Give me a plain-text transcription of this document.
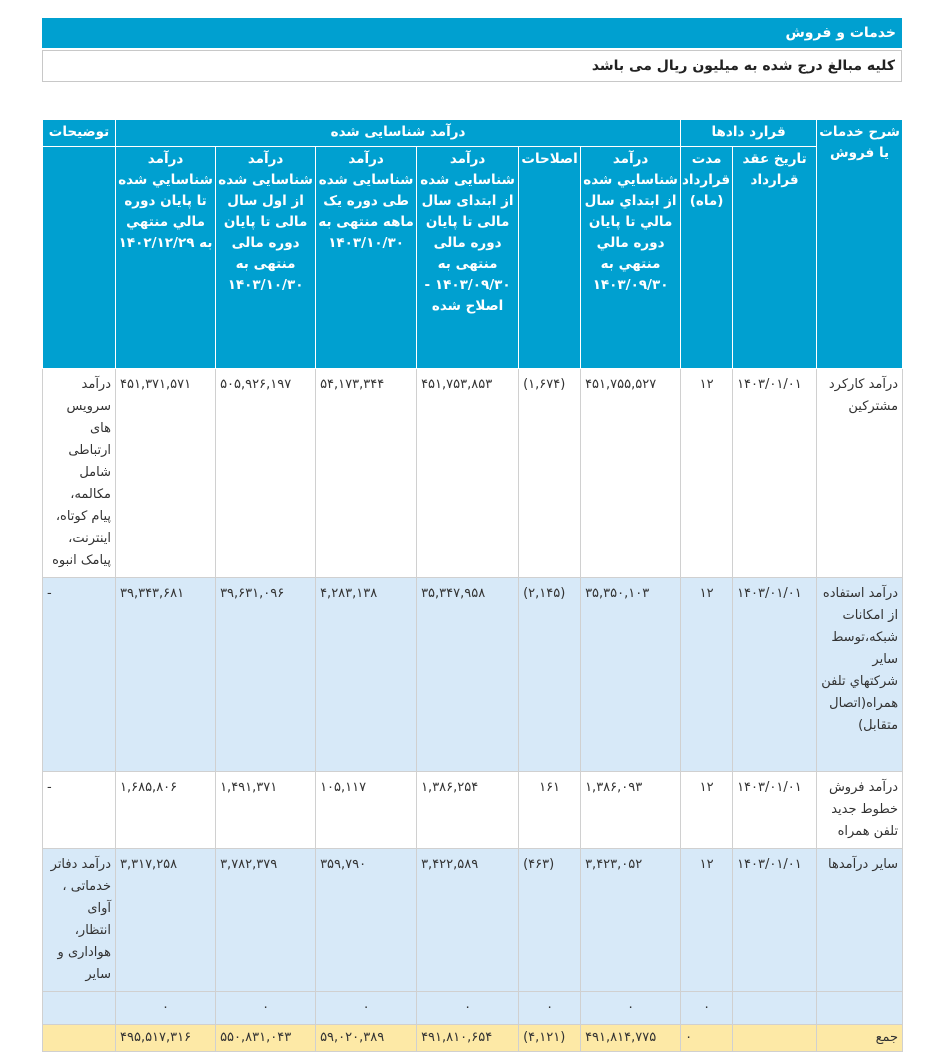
خدمات و فروش
کلیه مبالغ درج شده به میلیون ریال می باشد
شرح خدمات یا فروش	قرارد دادها		درآمد شناسایی شده						توضیحات
	تاریخ عقد قرارداد	مدت قرارداد (ماه)	درآمد شناسايي شده از ابتداي سال مالي تا پايان دوره مالي منتهي به ۱۴۰۳/۰۹/۳۰	اصلاحات	درآمد شناسایی شده از ابتدای سال مالی تا پایان دوره مالی منتهی به ۱۴۰۳/۰۹/۳۰ - اصلاح شده	درآمد شناسایی شده طی دوره یک ماهه منتهی به ۱۴۰۳/۱۰/۳۰	درآمد شناسایی شده از اول سال مالی تا پایان دوره مالی منتهی به ۱۴۰۳/۱۰/۳۰	درآمد شناسايي شده تا پايان دوره مالي منتهي به ۱۴۰۲/۱۲/۲۹	
درآمد کارکرد مشترکین	۱۴۰۳/۰۱/۰۱	۱۲	۴۵۱,۷۵۵,۵۲۷	(۱,۶۷۴)	۴۵۱,۷۵۳,۸۵۳	۵۴,۱۷۳,۳۴۴	۵۰۵,۹۲۶,۱۹۷	۴۵۱,۳۷۱,۵۷۱	درآمد سرویس های ارتباطی شامل مکالمه، پیام کوتاه، اینترنت، پیامک انبوه
درآمد استفاده از امکانات شبکه،توسط سایر شرکتهاي تلفن همراه(اتصال متقابل)	۱۴۰۳/۰۱/۰۱	۱۲	۳۵,۳۵۰,۱۰۳	(۲,۱۴۵)	۳۵,۳۴۷,۹۵۸	۴,۲۸۳,۱۳۸	۳۹,۶۳۱,۰۹۶	۳۹,۳۴۳,۶۸۱	-
درآمد فروش خطوط جدید تلفن همراه	۱۴۰۳/۰۱/۰۱	۱۲	۱,۳۸۶,۰۹۳	۱۶۱	۱,۳۸۶,۲۵۴	۱۰۵,۱۱۷	۱,۴۹۱,۳۷۱	۱,۶۸۵,۸۰۶	-
سایر درآمدها	۱۴۰۳/۰۱/۰۱	۱۲	۳,۴۲۳,۰۵۲	(۴۶۳)	۳,۴۲۲,۵۸۹	۳۵۹,۷۹۰	۳,۷۸۲,۳۷۹	۳,۳۱۷,۲۵۸	درآمد دفاتر خدماتی ، آوای انتظار، هواداری و سایر
		۰	۰	۰	۰	۰	۰	۰	
جمع		۰	۴۹۱,۸۱۴,۷۷۵	(۴,۱۲۱)	۴۹۱,۸۱۰,۶۵۴	۵۹,۰۲۰,۳۸۹	۵۵۰,۸۳۱,۰۴۳	۴۹۵,۵۱۷,۳۱۶	
